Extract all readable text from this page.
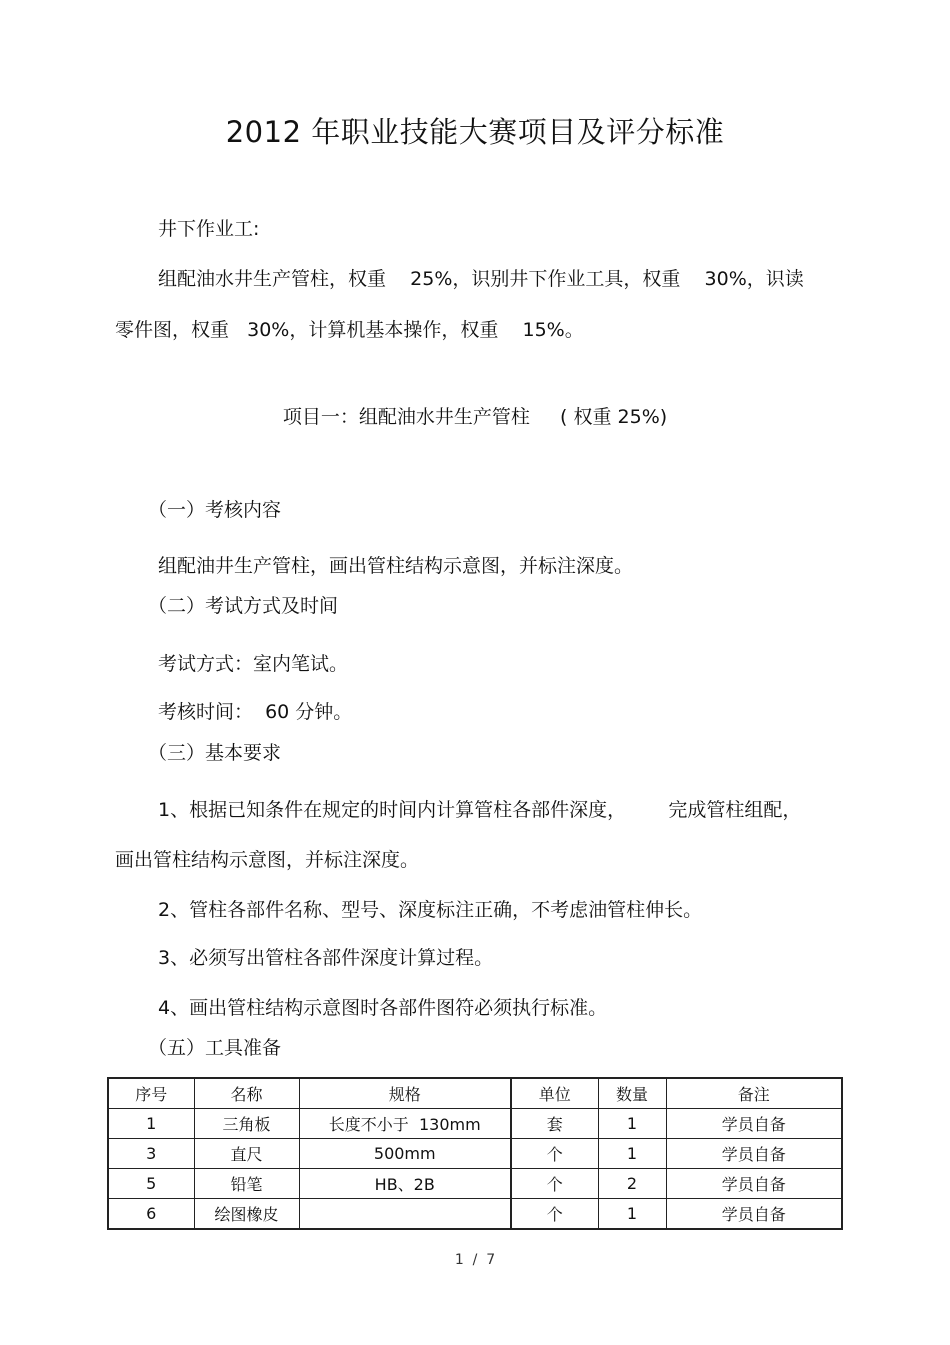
2012 年职业技能大赛项目及评分标准
井下作业工:
组配油水井生产管柱，权重    25%，识别井下作业工具，权重    30%，识读
零件图，权重   30%，计算机基本操作，权重    15%。
项目一：组配油水井生产管柱     ( 权重 25%)
（一）考核内容
组配油井生产管柱，画出管柱结构示意图，并标注深度。
（二）考试方式及时间
考试方式：室内笔试。
考核时间：  60 分钟。
（三）基本要求
1、根据已知条件在规定的时间内计算管柱各部件深度，       完成管柱组配，
画出管柱结构示意图，并标注深度。
2、管柱各部件名称、型号、深度标注正确，不考虑油管柱伸长。
3、必须写出管柱各部件深度计算过程。
4、画出管柱结构示意图时各部件图符必须执行标准。
（五）工具准备
序号	名称	规格	单位	数量	备注
1	三角板	长度不小于  130mm	套	1	学员自备
3	直尺	500mm	个	1	学员自备
5	铅笔	HB、2B	个	2	学员自备
6	绘图橡皮		个	1	学员自备
1  /  7
